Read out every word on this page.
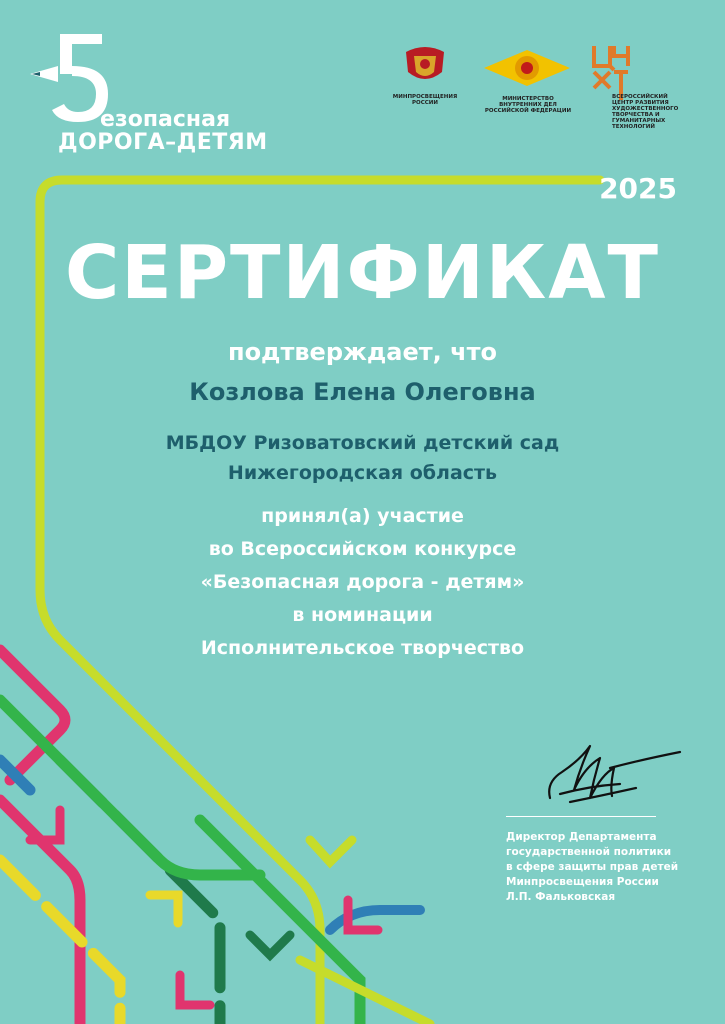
езопасная
ДОРОГА–ДЕТЯМ
МИНПРОСВЕЩЕНИЯ РОССИИ
МИНИСТЕРСТВО ВНУТРЕННИХ ДЕЛ РОССИЙСКОЙ ФЕДЕРАЦИИ
ВСЕРОССИЙСКИЙ ЦЕНТР РАЗВИТИЯ ХУДОЖЕСТВЕННОГО ТВОРЧЕСТВА И ГУМАНИТАРНЫХ ТЕХНОЛОГИЙ
2025
СЕРТИФИКАТ
подтверждает, что
Козлова Елена Олеговна
МБДОУ Ризоватовский детский сад
Нижегородская область
принял(а) участие
во Всероссийском конкурсе
«Безопасная дорога - детям»
в номинации
Исполнительское творчество
Директор Департамента
государственной политики
в сфере защиты прав детей
Минпросвещения России
Л.П. Фальковская
